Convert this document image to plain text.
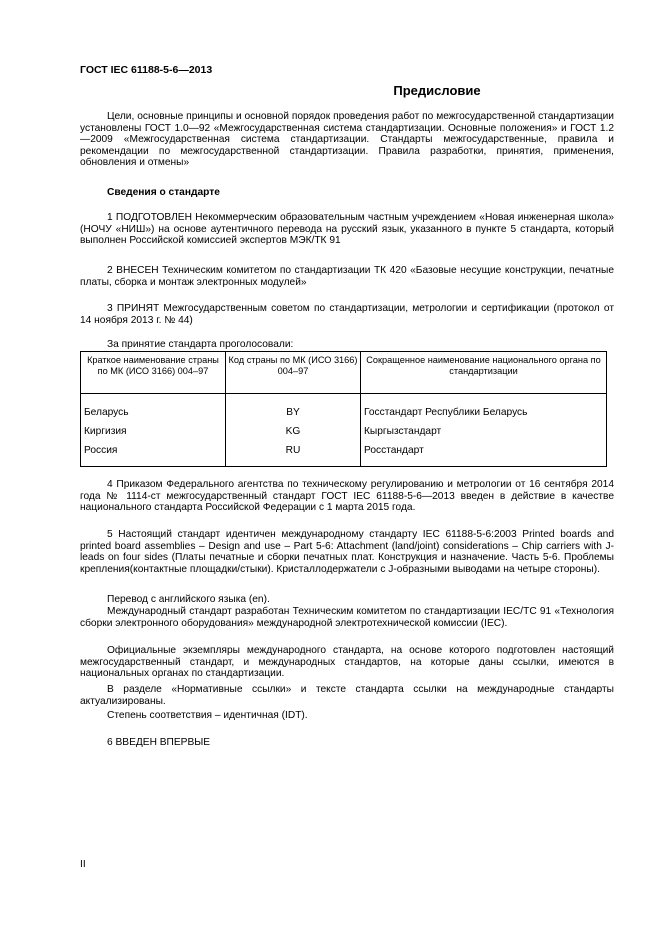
ГОСТ IEC 61188-5-6—2013
Предисловие
Цели, основные принципы и основной порядок проведения работ по межгосударственной стандартизации установлены ГОСТ 1.0—92 «Межгосударственная система стандартизации. Основные положения» и ГОСТ 1.2—2009 «Межгосударственная система стандартизации. Стандарты межгосударственные, правила и рекомендации по межгосударственной стандартизации. Правила разработки, принятия, применения, обновления и отмены»
Сведения о стандарте
1 ПОДГОТОВЛЕН Некоммерческим образовательным частным учреждением «Новая инженерная школа» (НОЧУ «НИШ») на основе аутентичного перевода на русский язык, указанного в пункте 5 стандарта, который выполнен Российской комиссией экспертов МЭК/ТК 91
2 ВНЕСЕН Техническим комитетом по стандартизации ТК 420 «Базовые несущие конструкции, печатные платы, сборка и монтаж электронных модулей»
3 ПРИНЯТ Межгосударственным советом по стандартизации, метрологии и сертификации (протокол от 14 ноября 2013 г. № 44)
За принятие стандарта проголосовали:
Краткое наименование страны по МК (ИСО 3166) 004–97	Код страны по МК (ИСО 3166) 004–97	Сокращенное наименование национального органа по стандартизации
Беларусь	BY	Госстандарт Республики Беларусь
Киргизия	KG	Кыргызстандарт
Россия	RU	Росстандарт
4 Приказом Федерального агентства по техническому регулированию и метрологии от 16 сентября 2014 года № 1114-ст межгосударственный стандарт ГОСТ IEC 61188-5-6—2013 введен в действие в качестве национального стандарта Российской Федерации с 1 марта 2015 года.
5 Настоящий стандарт идентичен международному стандарту IEC 61188-5-6:2003 Printed boards and printed board assemblies – Design and use – Part 5-6: Attachment (land/joint) considerations – Chip carriers with J-leads on four sides (Платы печатные и сборки печатных плат. Конструкция и назначение. Часть 5-6. Проблемы крепления(контактные площадки/стыки). Кристаллодержатели с J-образными выводами на четыре стороны).
Перевод с английского языка (en).
Международный стандарт разработан Техническим комитетом по стандартизации IEC/TC 91 «Технология сборки электронного оборудования» международной электротехнической комиссии (IEC).
Официальные экземпляры международного стандарта, на основе которого подготовлен настоящий межгосударственный стандарт, и международных стандартов, на которые даны ссылки, имеются в национальных органах по стандартизации.
В разделе «Нормативные ссылки» и тексте стандарта ссылки на международные стандарты актуализированы.
Степень соответствия – идентичная (IDT).
6 ВВЕДЕН ВПЕРВЫЕ
II
